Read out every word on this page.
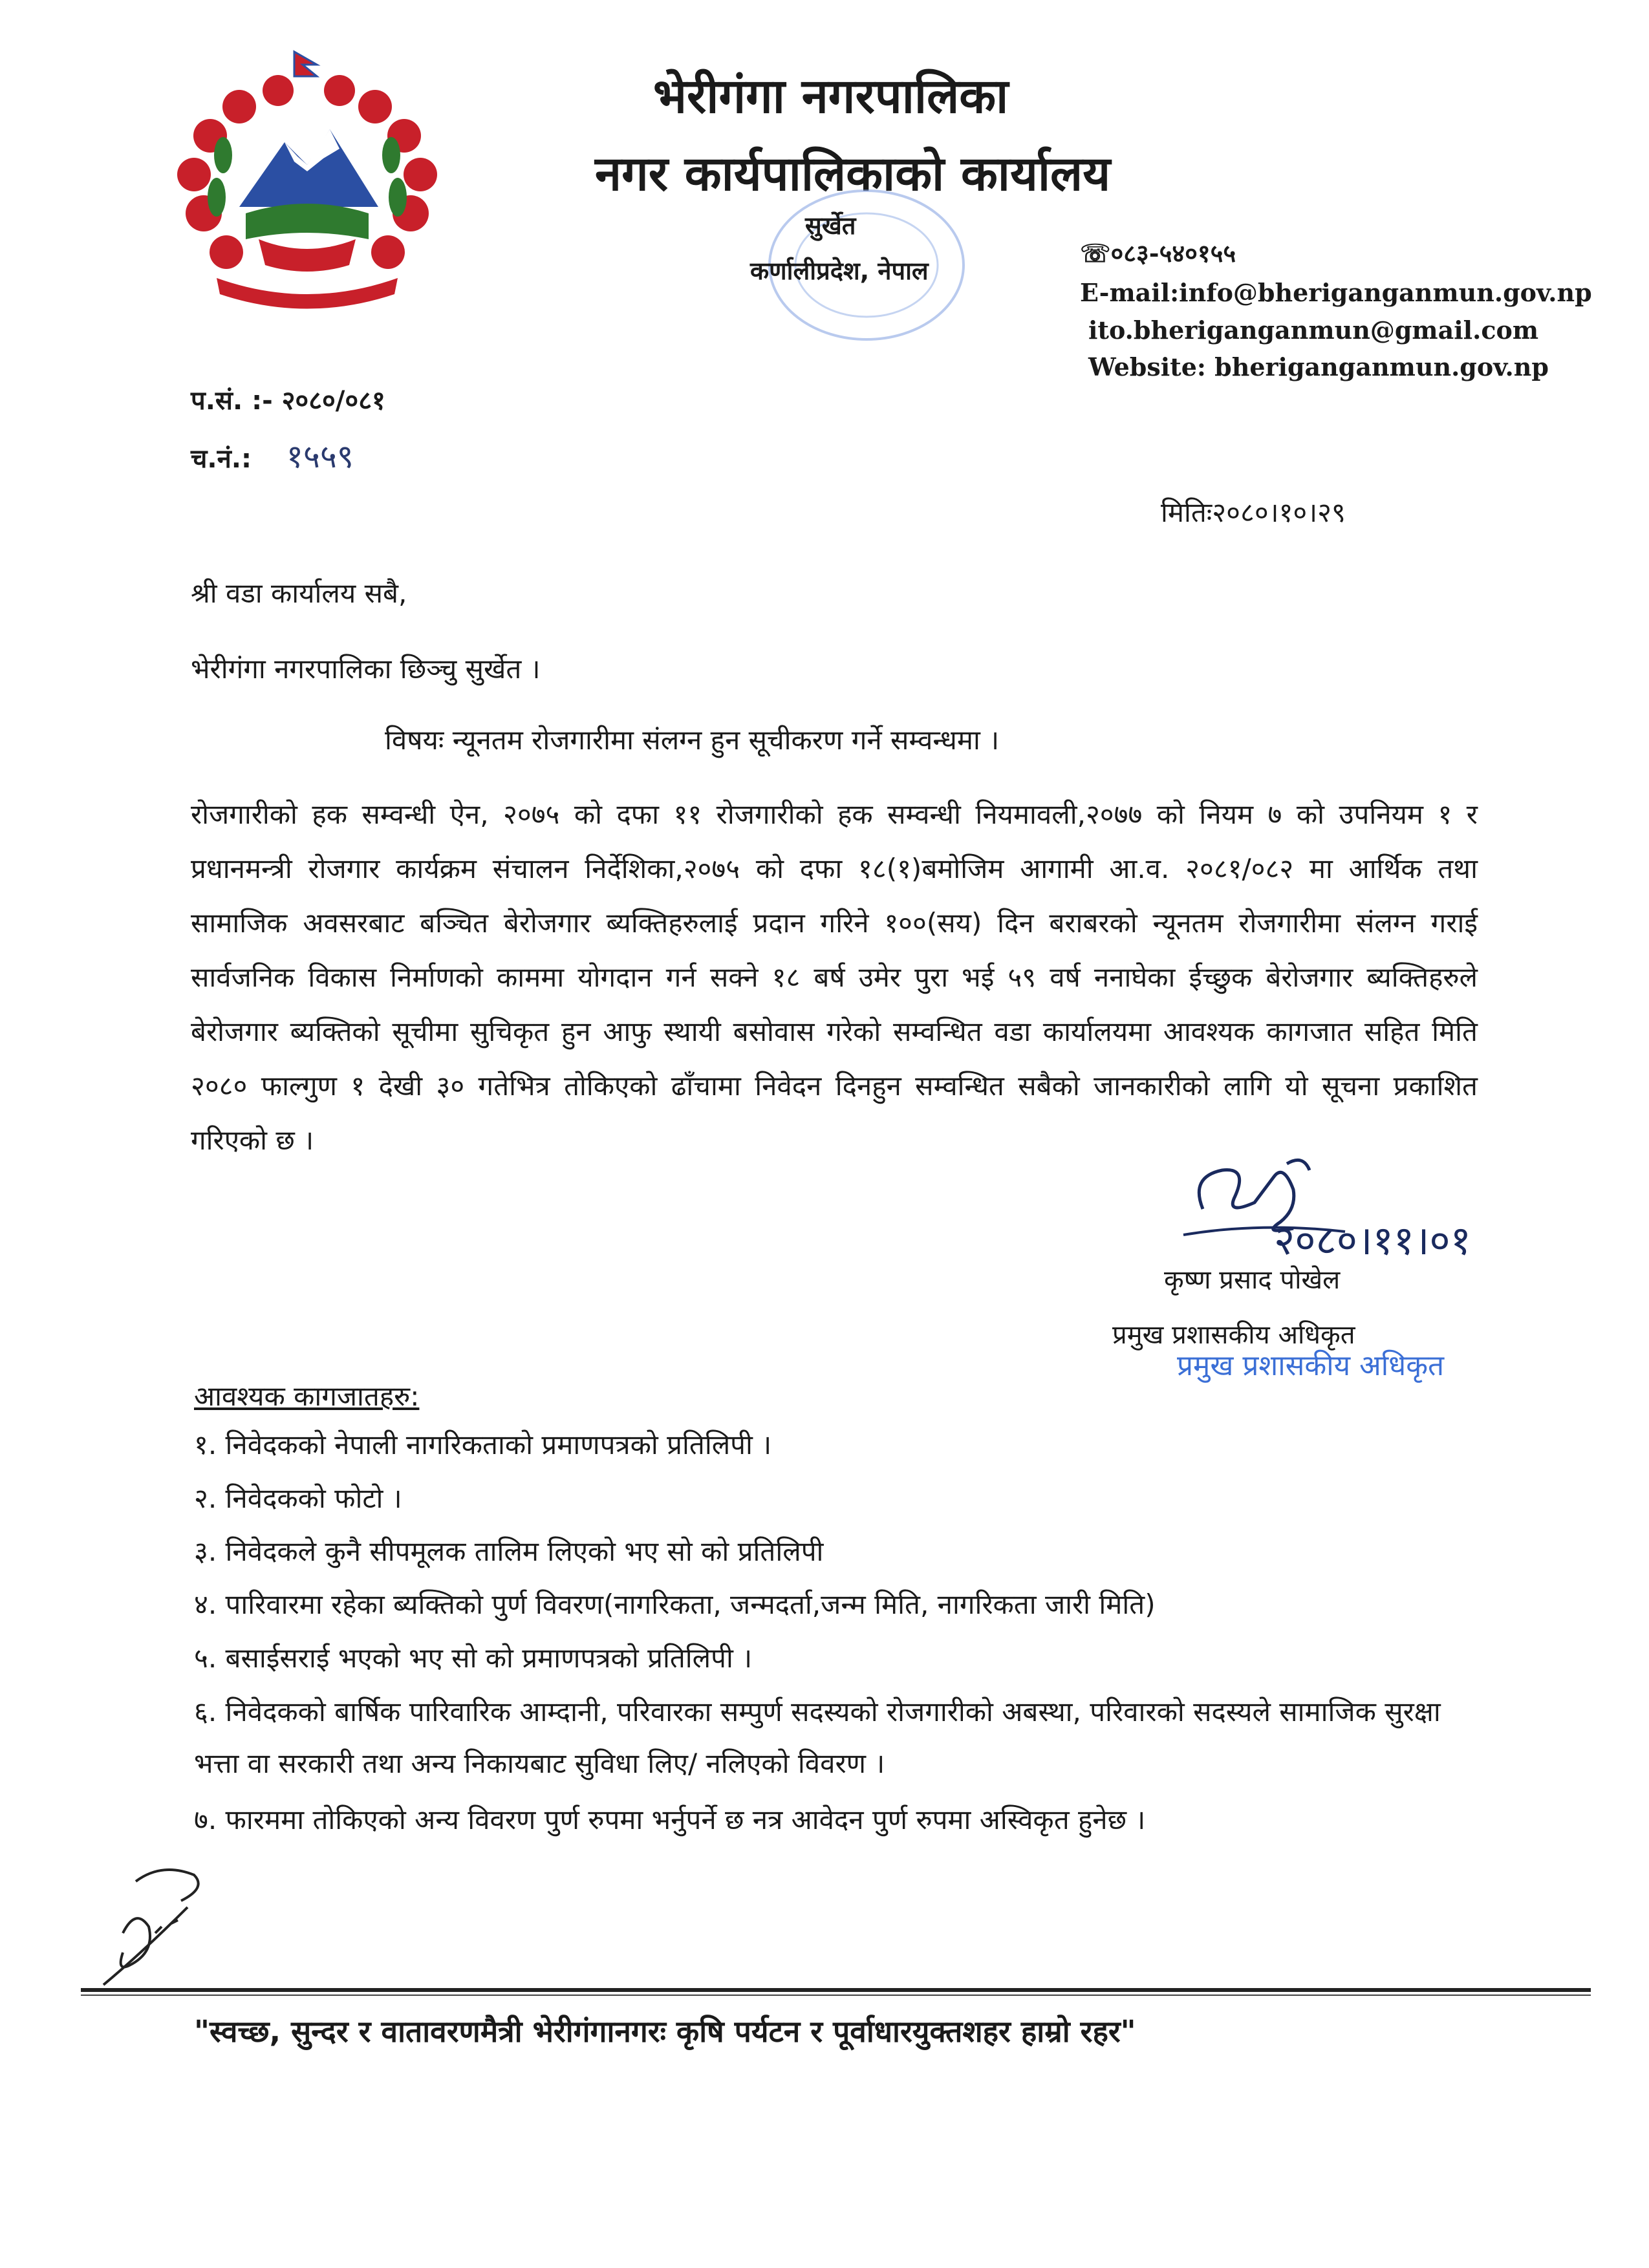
भेरीगंगा नगरपालिका
नगर कार्यपालिकाको कार्यालय
सुर्खेत
कर्णालीप्रदेश, नेपाल
☏०८३-५४०१५५
E-mail:info@bheriganganmun.gov.np
ito.bheriganganmun@gmail.com
Website: bheriganganmun.gov.np
प.सं. :- २०८०/०८१
च.नं.: १५५९
मितिः२०८०।१०।२९
श्री वडा कार्यालय सबै,
भेरीगंगा नगरपालिका छिञ्चु सुर्खेत ।
विषयः न्यूनतम रोजगारीमा संलग्न हुन सूचीकरण गर्ने सम्वन्धमा ।
रोजगारीको हक सम्वन्धी ऐन, २०७५ को दफा ११ रोजगारीको हक सम्वन्धी नियमावली,२०७७ को नियम ७ को उपनियम १ र प्रधानमन्त्री रोजगार कार्यक्रम संचालन निर्देशिका,२०७५ को दफा १८(१)बमोजिम आगामी आ.व. २०८१/०८२ मा आर्थिक तथा सामाजिक अवसरबाट बञ्चित बेरोजगार ब्यक्तिहरुलाई प्रदान गरिने १००(सय) दिन बराबरको न्यूनतम रोजगारीमा संलग्न गराई सार्वजनिक विकास निर्माणको काममा योगदान गर्न सक्ने १८ बर्ष उमेर पुरा भई ५९ वर्ष ननाघेका ईच्छुक बेरोजगार ब्यक्तिहरुले बेरोजगार ब्यक्तिको सूचीमा सुचिकृत हुन आफु स्थायी बसोवास गरेको सम्वन्धित वडा कार्यालयमा आवश्यक कागजात सहित मिति २०८० फाल्गुण १ देखी ३० गतेभित्र तोकिएको ढाँचामा निवेदन दिनहुन सम्वन्धित सबैको जानकारीको लागि यो सूचना प्रकाशित गरिएको छ ।
२०८०।११।०१
कृष्ण प्रसाद पोखेल
प्रमुख प्रशासकीय अधिकृत
प्रमुख प्रशासकीय अधिकृत
आवश्यक कागजातहरु:
१. निवेदकको नेपाली नागरिकताको प्रमाणपत्रको प्रतिलिपी ।
२. निवेदकको फोटो ।
३. निवेदकले कुनै सीपमूलक तालिम लिएको भए सो को प्रतिलिपी
४. पारिवारमा रहेका ब्यक्तिको पुर्ण विवरण(नागरिकता, जन्मदर्ता,जन्म मिति, नागरिकता जारी मिति)
५. बसाईसराई भएको भए सो को प्रमाणपत्रको प्रतिलिपी ।
६. निवेदकको बार्षिक पारिवारिक आम्दानी, परिवारका सम्पुर्ण सदस्यको रोजगारीको अबस्था, परिवारको सदस्यले सामाजिक सुरक्षा भत्ता वा सरकारी तथा अन्य निकायबाट सुविधा लिए/ नलिएको विवरण ।
७. फारममा तोकिएको अन्य विवरण पुर्ण रुपमा भर्नुपर्ने छ नत्र आवेदन पुर्ण रुपमा अस्विकृत हुनेछ ।
"स्वच्छ, सुन्दर र वातावरणमैत्री भेरीगंगानगरः कृषि पर्यटन र पूर्वाधारयुक्तशहर हाम्रो रहर"
